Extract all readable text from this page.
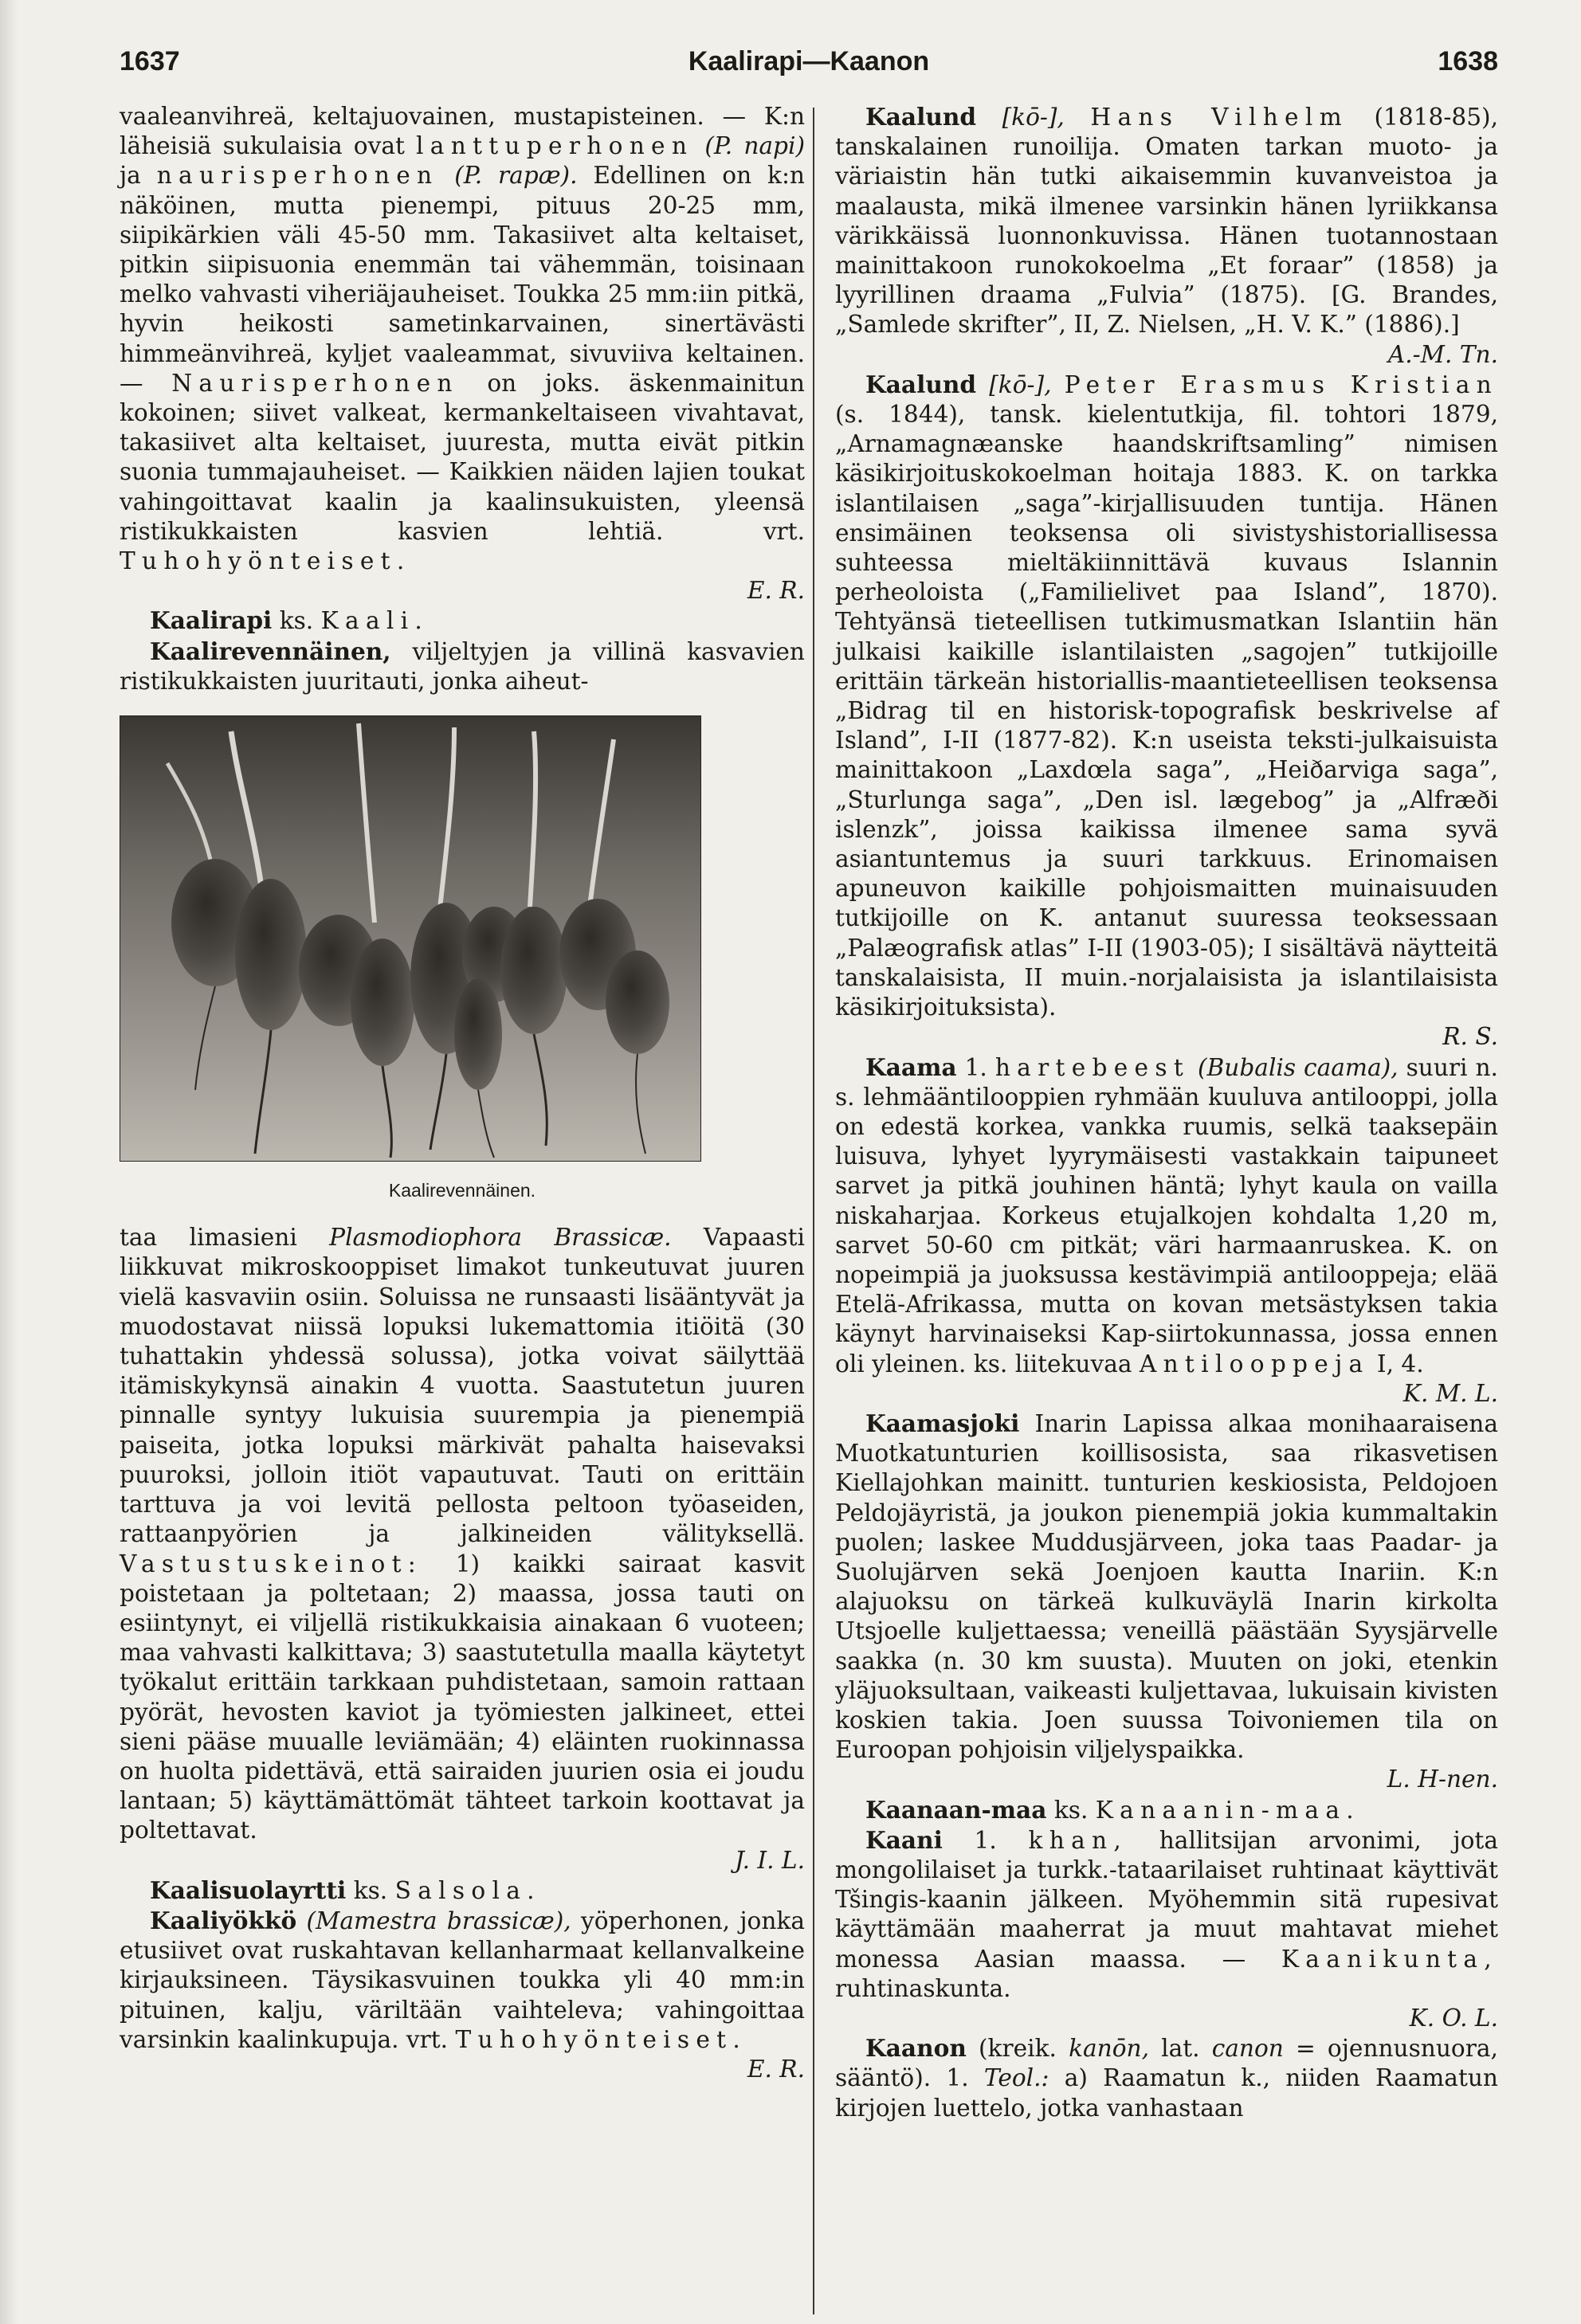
1637	Kaalirapi—Kaanon	1638

vaaleanvihreä, keltajuovainen, mustapisteinen. — K:n läheisiä sukulaisia ovat lanttuperhonen (P. napi) ja naurisperhonen (P. rapæ). Edellinen on k:n näköinen, mutta pienempi, pituus 20-25 mm, siipikärkien väli 45-50 mm. Takasiivet alta keltaiset, pitkin siipisuonia enemmän tai vähemmän, toisinaan melko vahvasti viheriäjauheiset. Toukka 25 mm:iin pitkä, hyvin heikosti sametinkarvainen, sinertävästi himmeänvihreä, kyljet vaaleammat, sivuviiva keltainen. — Naurisperhonen on joks. äskenmainitun kokoinen; siivet valkeat, kermankeltaiseen vivahtavat, takasiivet alta keltaiset, juuresta, mutta eivät pitkin suonia tummajauheiset. — Kaikkien näiden lajien toukat vahingoittavat kaalin ja kaalinsukuisten, yleensä ristikukkaisten kasvien lehtiä. vrt. Tuhohyönteiset.
E. R.

Kaalirapi ks. Kaali.

Kaalirevennäinen, viljeltyjen ja villinä kasvavien ristikukkaisten juuritauti, jonka aiheut-

Kaalirevennäinen.

taa limasieni Plasmodiophora Brassicæ. Vapaasti liikkuvat mikroskooppiset limakot tunkeutuvat juuren vielä kasvaviin osiin. Soluissa ne runsaasti lisääntyvät ja muodostavat niissä lopuksi lukemattomia itiöitä (30 tuhattakin yhdessä solussa), jotka voivat säilyttää itämiskykynsä ainakin 4 vuotta. Saastutetun juuren pinnalle syntyy lukuisia suurempia ja pienempiä paiseita, jotka lopuksi märkivät pahalta haisevaksi puuroksi, jolloin itiöt vapautuvat. Tauti on erittäin tarttuva ja voi levitä pellosta peltoon työaseiden, rattaanpyörien ja jalkineiden välityksellä. Vastustuskeinot: 1) kaikki sairaat kasvit poistetaan ja poltetaan; 2) maassa, jossa tauti on esiintynyt, ei viljellä ristikukkaisia ainakaan 6 vuoteen; maa vahvasti kalkittava; 3) saastutetulla maalla käytetyt työkalut erittäin tarkkaan puhdistetaan, samoin rattaan pyörät, hevosten kaviot ja työmiesten jalkineet, ettei sieni pääse muualle leviämään; 4) eläinten ruokinnassa on huolta pidettävä, että sairaiden juurien osia ei joudu lantaan; 5) käyttämättömät tähteet tarkoin koottavat ja poltettavat.
J. I. L.

Kaalisuolayrtti ks. Salsola.

Kaaliyökkö (Mamestra brassicæ), yöperhonen, jonka etusiivet ovat ruskahtavan kellanharmaat kellanvalkeine kirjauksineen. Täysikasvuinen toukka yli 40 mm:in pituinen, kalju, väriltään vaihteleva; vahingoittaa varsinkin kaalinkupuja. vrt. Tuhohyönteiset.
E. R.

Kaalund [kō-], Hans Vilhelm (1818-85), tanskalainen runoilija. Omaten tarkan muoto- ja väriaistin hän tutki aikaisemmin kuvanveistoa ja maalausta, mikä ilmenee varsinkin hänen lyriikkansa värikkäissä luonnonkuvissa. Hänen tuotannostaan mainittakoon runokokoelma „Et foraar” (1858) ja lyyrillinen draama „Fulvia” (1875). [G. Brandes, „Samlede skrifter”, II, Z. Nielsen, „H. V. K.” (1886).]
A.-M. Tn.

Kaalund [kō-], Peter Erasmus Kristian (s. 1844), tansk. kielentutkija, fil. tohtori 1879, „Arnamagnæanske haandskriftsamling” nimisen käsikirjoituskokoelman hoitaja 1883. K. on tarkka islantilaisen „saga”-kirjallisuuden tuntija. Hänen ensimäinen teoksensa oli sivistyshistoriallisessa suhteessa mieltäkiinnittävä kuvaus Islannin perheoloista („Familielivet paa Island”, 1870). Tehtyänsä tieteellisen tutkimusmatkan Islantiin hän julkaisi kaikille islantilaisten „sagojen” tutkijoille erittäin tärkeän historiallis-maantieteellisen teoksensa „Bidrag til en historisk-topografisk beskrivelse af Island”, I-II (1877-82). K:n useista teksti-julkaisuista mainittakoon „Laxdœla saga”, „Heiðarviga saga”, „Sturlunga saga”, „Den isl. lægebog” ja „Alfræði islenzk”, joissa kaikissa ilmenee sama syvä asiantuntemus ja suuri tarkkuus. Erinomaisen apuneuvon kaikille pohjoismaitten muinaisuuden tutkijoille on K. antanut suuressa teoksessaan „Palæografisk atlas” I-II (1903-05); I sisältävä näytteitä tanskalaisista, II muin.-norjalaisista ja islantilaisista käsikirjoituksista).
R. S.

Kaama 1. hartebeest (Bubalis caama), suuri n. s. lehmääntilooppien ryhmään kuuluva antilooppi, jolla on edestä korkea, vankka ruumis, selkä taaksepäin luisuva, lyhyet lyyrymäisesti vastakkain taipuneet sarvet ja pitkä jouhinen häntä; lyhyt kaula on vailla niskaharjaa. Korkeus etujalkojen kohdalta 1,20 m, sarvet 50-60 cm pitkät; väri harmaanruskea. K. on nopeimpiä ja juoksussa kestävimpiä antilooppeja; elää Etelä-Afrikassa, mutta on kovan metsästyksen takia käynyt harvinaiseksi Kap-siirtokunnassa, jossa ennen oli yleinen. ks. liitekuvaa Antilooppeja I, 4.
K. M. L.

Kaamasjoki Inarin Lapissa alkaa monihaaraisena Muotkatunturien koillisosista, saa rikasvetisen Kiellajohkan mainitt. tunturien keskiosista, Peldojoen Peldojäyristä, ja joukon pienempiä jokia kummaltakin puolen; laskee Muddusjärveen, joka taas Paadar- ja Suolujärven sekä Joenjoen kautta Inariin. K:n alajuoksu on tärkeä kulkuväylä Inarin kirkolta Utsjoelle kuljettaessa; veneillä päästään Syysjärvelle saakka (n. 30 km suusta). Muuten on joki, etenkin yläjuoksultaan, vaikeasti kuljettavaa, lukuisain kivisten koskien takia. Joen suussa Toivoniemen tila on Euroopan pohjoisin viljelyspaikka.
L. H-nen.

Kaanaan-maa ks. Kanaanin-maa.

Kaani 1. khan, hallitsijan arvonimi, jota mongolilaiset ja turkk.-tataarilaiset ruhtinaat käyttivät Tšingis-kaanin jälkeen. Myöhemmin sitä rupesivat käyttämään maaherrat ja muut mahtavat miehet monessa Aasian maassa. — Kaanikunta, ruhtinaskunta.
K. O. L.

Kaanon (kreik. kanōn, lat. canon = ojennusnuora, sääntö). 1. Teol.: a) Raamatun k., niiden Raamatun kirjojen luettelo, jotka vanhastaan
